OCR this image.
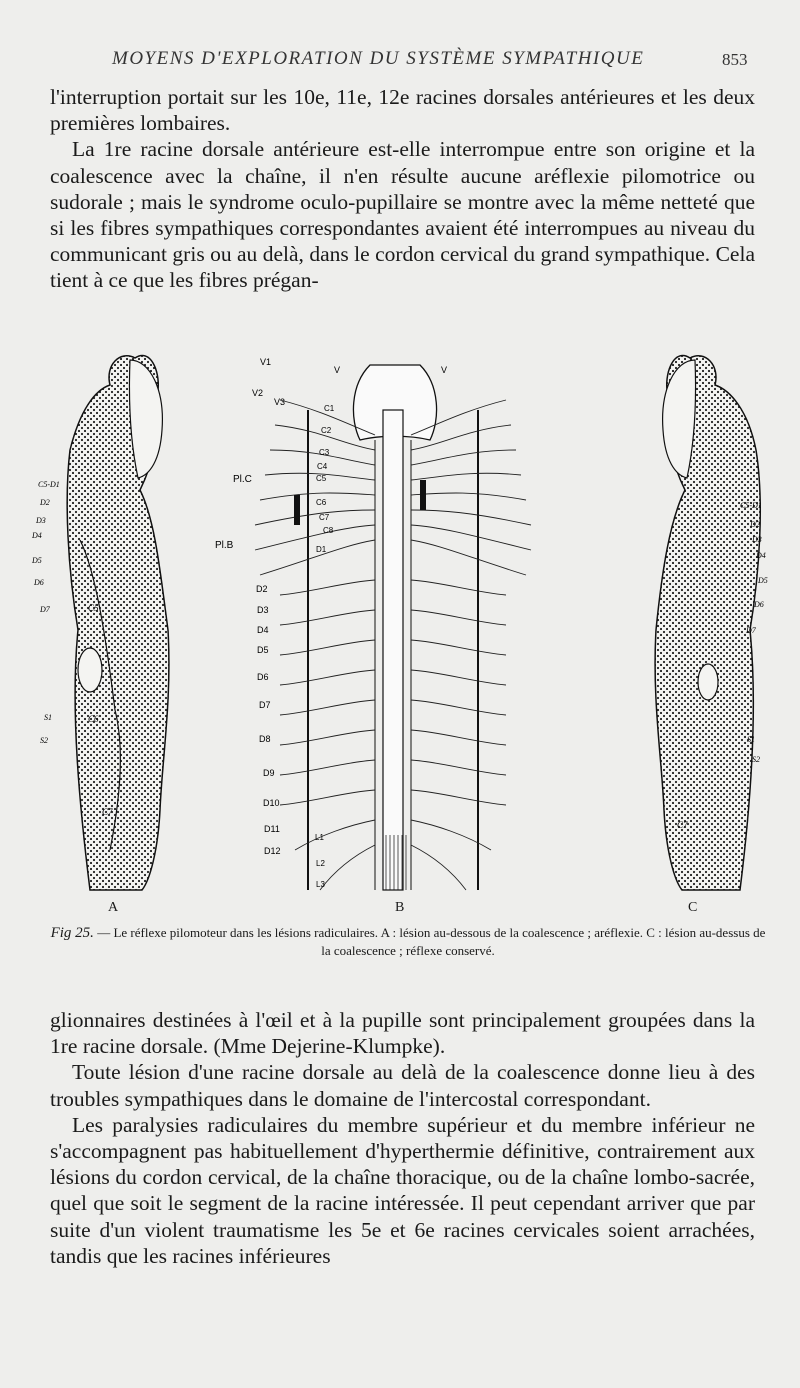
MOYENS D'EXPLORATION DU SYSTÈME SYMPATHIQUE	853

l'interruption portait sur les 10e, 11e, 12e racines dorsales antérieures et les deux premières lombaires.

La 1re racine dorsale antérieure est-elle interrompue entre son origine et la coalescence avec la chaîne, il n'en résulte aucune aréflexie pilomotrice ou sudorale ; mais le syndrome oculo-pupillaire se montre avec la même netteté que si les fibres sympathiques correspondantes avaient été interrompues au niveau du communicant gris ou au delà, dans le cordon cervical du grand sympathique. Cela tient à ce que les fibres prégan-

C5-D1
D2
D3
D4
D5
D6
D7	C5
C6
S1
S2
C7
V1
V2
V3
Pl.C
Pl.B
D2
D3
D4
D5
D6
D7
D8
D9
D10
D11
D12
C1
C2
C3
C4
C5
C6
C7
C8
D1
L1
L2
L3
V	V
C5-D1
D2
D3
D4
D5
D6
D7
S1
S2
C7
A	B	C
Fig 25. — Le réflexe pilomoteur dans les lésions radiculaires. A : lésion au-dessous de la coalescence ; aréflexie. C : lésion au-dessus de la coalescence ; réflexe conservé.

glionnaires destinées à l'œil et à la pupille sont principalement groupées dans la 1re racine dorsale. (Mme Dejerine-Klumpke).

Toute lésion d'une racine dorsale au delà de la coalescence donne lieu à des troubles sympathiques dans le domaine de l'intercostal correspondant.

Les paralysies radiculaires du membre supérieur et du membre inférieur ne s'accompagnent pas habituellement d'hyperthermie définitive, contrairement aux lésions du cordon cervical, de la chaîne thoracique, ou de la chaîne lombo-sacrée, quel que soit le segment de la racine intéressée. Il peut cependant arriver que par suite d'un violent traumatisme les 5e et 6e racines cervicales soient arrachées, tandis que les racines inférieures
